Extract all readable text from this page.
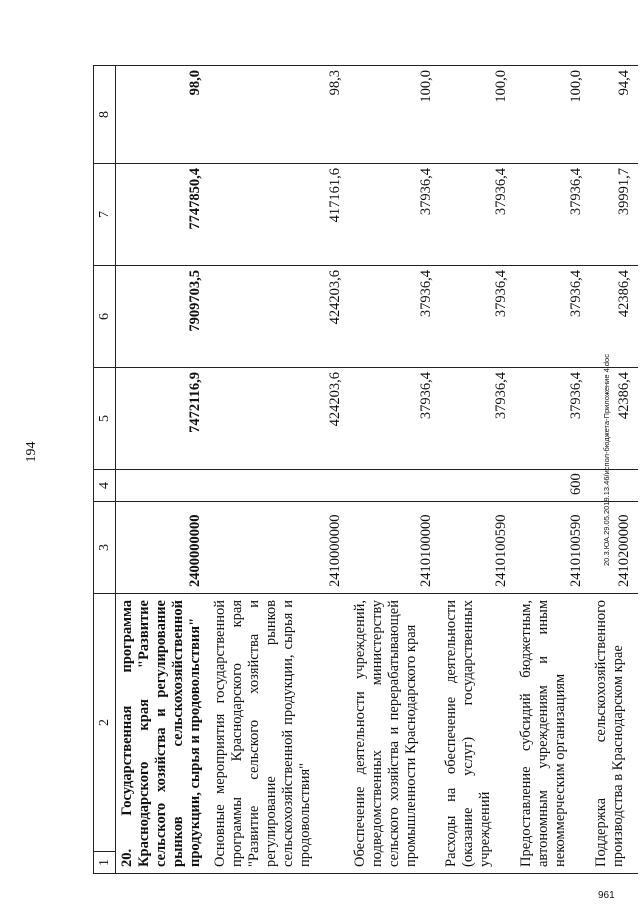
194
1	2	3	4	5	6	7	8
20. Государственная программа Краснодарского края "Развитие сельского хозяйства и регулирование рынков сельскохозяйственной продукции, сырья и продовольствия"		2400000000		7472116,9	7909703,5	7747850,4	98,0
Основные мероприятия государственной программы Краснодарского края "Развитие сельского хозяйства и регулирование рынков сельскохозяйственной продукции, сырья и продовольствия"		2410000000		424203,6	424203,6	417161,6	98,3
Обеспечение деятельности учреждений, подведомственных министерству сельского хозяйства и перерабатывающей промышленности Краснодарского края		2410100000		37936,4	37936,4	37936,4	100,0
Расходы на обеспечение деятельности (оказание услуг) государственных учреждений		2410100590		37936,4	37936,4	37936,4	100,0
Предоставление субсидий бюджетным, автономным учреждениям и иным некоммерческим организациям		2410100590	600	37936,4	37936,4	37936,4	100,0
Поддержка сельскохозяйственного производства в Краснодарском крае		2410200000		42386,4	42386,4	39991,7	94,4
20.3.ЮА.29.05.2019.13.46/испол-бюджета-Приложение 4.doc
961
